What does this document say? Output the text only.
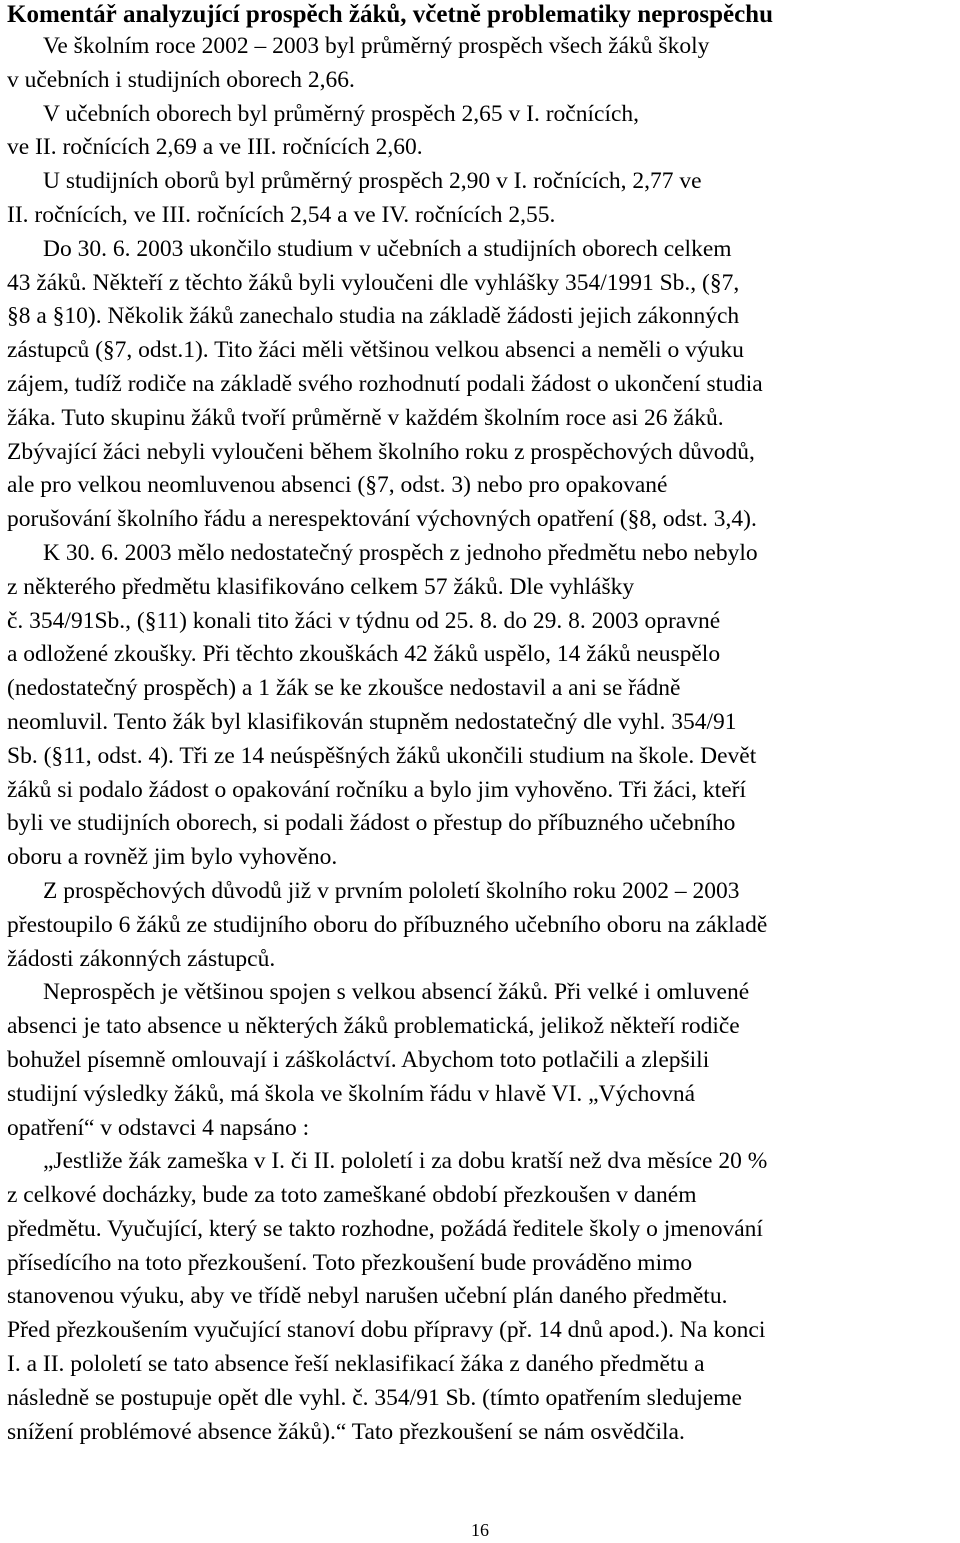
Komentář analyzující prospěch žáků, včetně problematiky neprospěchu
Ve školním roce 2002 – 2003 byl průměrný prospěch všech žáků školy
v učebních i studijních oborech 2,66.
V učebních oborech byl průměrný prospěch 2,65 v I. ročnících,
ve II. ročnících 2,69 a ve III. ročnících 2,60.
U studijních oborů byl průměrný prospěch 2,90 v I. ročnících, 2,77 ve
II. ročnících, ve III. ročnících 2,54 a ve IV. ročnících 2,55.
Do 30. 6. 2003 ukončilo studium v učebních a studijních oborech celkem
43 žáků. Někteří z těchto žáků byli vyloučeni dle vyhlášky 354/1991 Sb., (§7,
§8 a §10). Několik žáků zanechalo studia na základě žádosti jejich zákonných
zástupců (§7, odst.1). Tito žáci měli většinou velkou absenci a neměli o výuku
zájem, tudíž rodiče na základě svého rozhodnutí podali žádost o ukončení studia
žáka. Tuto skupinu žáků tvoří průměrně v každém školním roce asi 26 žáků.
Zbývající žáci nebyli vyloučeni během školního roku z prospěchových důvodů,
ale pro velkou neomluvenou absenci (§7, odst. 3) nebo pro opakované
porušování školního řádu a nerespektování výchovných opatření (§8, odst. 3,4).
K 30. 6. 2003 mělo nedostatečný prospěch z jednoho předmětu nebo nebylo
z některého předmětu klasifikováno celkem 57 žáků. Dle vyhlášky
č. 354/91Sb., (§11) konali tito žáci v týdnu od 25. 8. do 29. 8. 2003 opravné
a odložené zkoušky. Při těchto zkouškách 42 žáků uspělo, 14 žáků neuspělo
(nedostatečný prospěch) a 1 žák se ke zkoušce nedostavil a ani se řádně
neomluvil. Tento žák byl klasifikován stupněm nedostatečný dle vyhl. 354/91
Sb. (§11, odst. 4). Tři ze 14 neúspěšných žáků ukončili studium na škole. Devět
žáků si podalo žádost o opakování ročníku a bylo jim vyhověno. Tři žáci, kteří
byli ve studijních oborech, si podali žádost o přestup do příbuzného učebního
oboru a rovněž jim bylo vyhověno.
Z prospěchových důvodů již v prvním pololetí školního roku 2002 – 2003
přestoupilo 6 žáků ze studijního oboru do příbuzného učebního oboru na základě
žádosti zákonných zástupců.
Neprospěch je většinou spojen s velkou absencí žáků. Při velké i omluvené
absenci je tato absence u některých žáků problematická, jelikož někteří rodiče
bohužel písemně omlouvají i záškoláctví. Abychom toto potlačili a zlepšili
studijní výsledky žáků, má škola ve školním řádu v hlavě VI. „Výchovná
opatření“ v odstavci 4 napsáno :
„Jestliže žák zameška v I. či II. pololetí i za dobu kratší než dva měsíce 20 %
z celkové docházky, bude za toto zameškané období přezkoušen v daném
předmětu. Vyučující, který se takto rozhodne, požádá ředitele školy o jmenování
přísedícího na toto přezkoušení. Toto přezkoušení bude prováděno mimo
stanovenou výuku, aby ve třídě nebyl narušen učební plán daného předmětu.
Před přezkoušením vyučující stanoví dobu přípravy (př. 14 dnů apod.). Na konci
I. a II. pololetí se tato absence řeší neklasifikací žáka z daného předmětu a
následně se postupuje opět dle vyhl. č. 354/91 Sb. (tímto opatřením sledujeme
snížení problémové absence žáků).“ Tato přezkoušení se nám osvědčila.
16
